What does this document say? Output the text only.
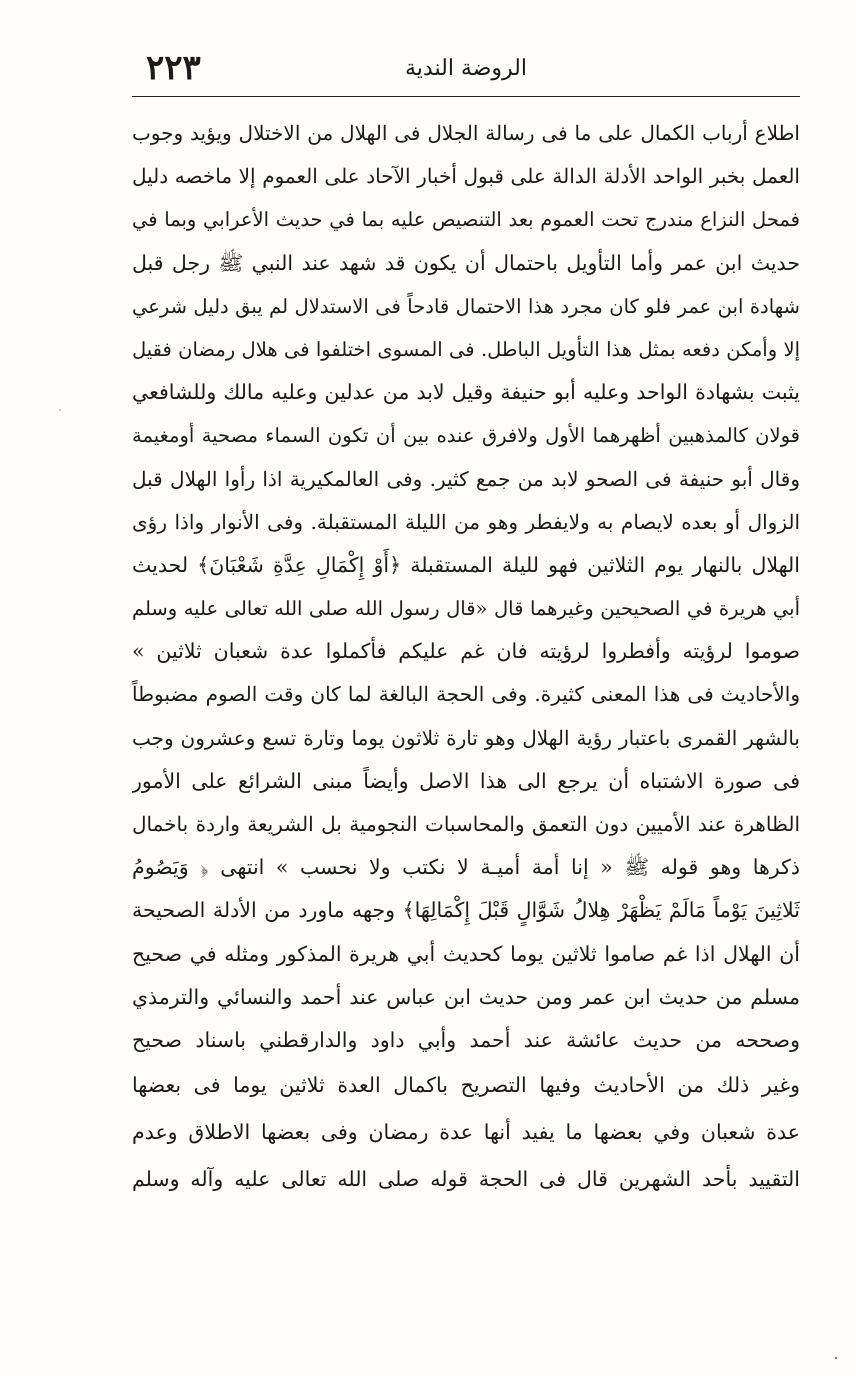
٢٢٣	الروضة الندية
اطلاع أرباب الكمال على ما فى رسالة الجلال فى الهلال من الاختلال ويؤيد وجوب
العمل بخبر الواحد الأدلة الدالة على قبول أخبار الآحاد على العموم إلا ماخصه دليل
فمحل النزاع مندرج تحت العموم بعد التنصيص عليه بما في حديث الأعرابي وبما في
حديث ابن عمر وأما التأويل باحتمال أن يكون قد شهد عند النبي ﷺ رجل قبل
شهادة ابن عمر فلو كان مجرد هذا الاحتمال قادحاً فى الاستدلال لم يبق دليل شرعي
إلا وأمكن دفعه بمثل هذا التأويل الباطل. فى المسوى اختلفوا فى هلال رمضان فقيل
يثبت بشهادة الواحد وعليه أبو حنيفة وقيل لابد من عدلين وعليه مالك وللشافعي
قولان كالمذهبين أظهرهما الأول ولافرق عنده بين أن تكون السماء مصحية أومغيمة
وقال أبو حنيفة فى الصحو لابد من جمع كثير. وفى العالمكيرية اذا رأوا الهلال قبل
الزوال أو بعده لايصام به ولايفطر وهو من الليلة المستقبلة. وفى الأنوار واذا رؤى
الهلال بالنهار يوم الثلاثين فهو لليلة المستقبلة ﴿أَوْ إِكْمَالِ عِدَّةِ شَعْبَانَ﴾ لحديث
أبي هريرة في الصحيحين وغيرهما قال «قال رسول الله صلى الله تعالى عليه وسلم
صوموا لرؤيته وأفطروا لرؤيته فان غم عليكم فأكملوا عدة شعبان ثلاثين »
والأحاديث فى هذا المعنى كثيرة. وفى الحجة البالغة لما كان وقت الصوم مضبوطاً
بالشهر القمرى باعتبار رؤية الهلال وهو تارة ثلاثون يوما وتارة تسع وعشرون وجب
فى صورة الاشتباه أن يرجع الى هذا الاصل وأيضاً مبنى الشرائع على الأمور
الظاهرة عند الأميين دون التعمق والمحاسبات النجومية بل الشريعة واردة باخمال
ذكرها وهو قوله ﷺ « إنا أمة أميـة لا نكتب ولا نحسب » انتهى ﴿ وَيَصُومُ
ثَلاثِينَ يَوْماً مَالَمْ يَظْهَرْ هِلالُ شَوَّالٍ قَبْلَ إِكْمَالِهَا﴾ وجهه ماورد من الأدلة الصحيحة
أن الهلال اذا غم صاموا ثلاثين يوما كحديث أبي هريرة المذكور ومثله في صحيح
مسلم من حديث ابن عمر ومن حديث ابن عباس عند أحمد والنسائي والترمذي
وصححه من حديث عائشة عند أحمد وأبي داود والدارقطني باسناد صحيح
وغير ذلك من الأحاديث وفيها التصريح باكمال العدة ثلاثين يوما فى بعضها
عدة شعبان وفي بعضها ما يفيد أنها عدة رمضان وفى بعضها الاطلاق وعدم
التقييد بأحد الشهرين قال فى الحجة قوله صلى الله تعالى عليه وآله وسلم
